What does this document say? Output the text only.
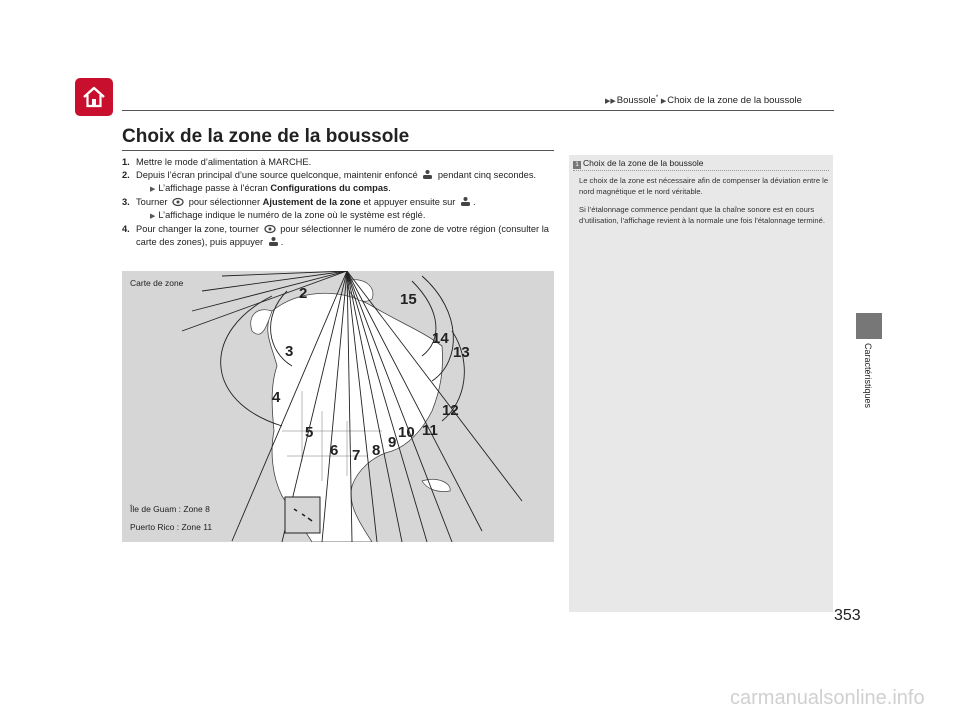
▶▶Boussole* ▶Choix de la zone de la boussole
Choix de la zone de la boussole
1. Mettre le mode d’alimentation à MARCHE.
2. Depuis l’écran principal d’une source quelconque, maintenir enfoncé pendant cinq secondes.
▶ L’affichage passe à l’écran Configurations du compas.
3. Tourner pour sélectionner Ajustement de la zone et appuyer ensuite sur .
▶ L’affichage indique le numéro de la zone où le système est réglé.
4. Pour changer la zone, tourner pour sélectionner le numéro de zone de votre région (consulter la carte des zones), puis appuyer .
2	15
14
3	13
4
12
5	10 11
9
6 7 8
Carte de zone
Île de Guam : Zone 8
Puerto Rico : Zone 11
1 Choix de la zone de la boussole

Le choix de la zone est nécessaire afin de compenser la déviation entre le nord magnétique et le nord véritable.

Si l’étalonnage commence pendant que la chaîne sonore est en cours d’utilisation, l’affichage revient à la normale une fois l’étalonnage terminé.

Caractéristiques
353
carmanualsonline.info
